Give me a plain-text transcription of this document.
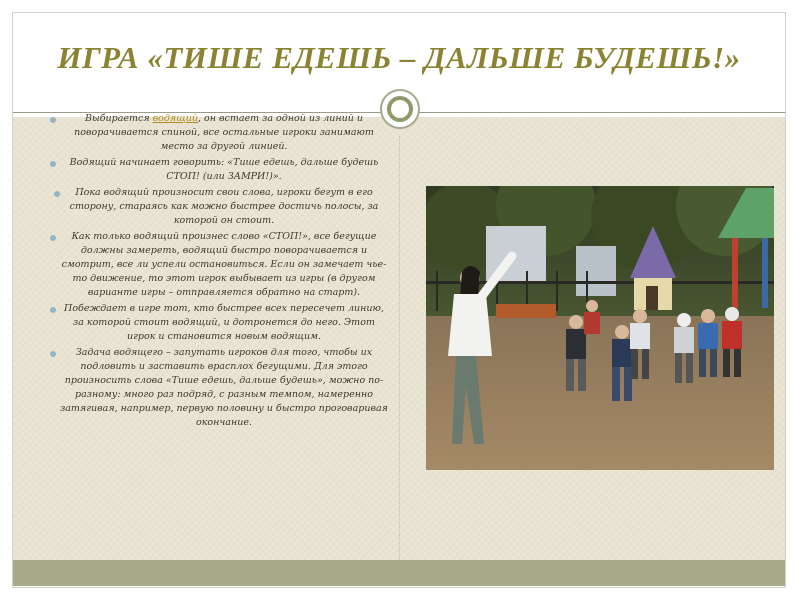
ИГРА «ТИШЕ ЕДЕШЬ – ДАЛЬШЕ БУДЕШЬ!»

Выбирается водящий, он встает за одной из линий и поворачивается спиной, все остальные игроки занимают место за другой линией.

Водящий начинает говорить: «Тише едешь, дальше будешь СТОП! (или ЗАМРИ!)».

Пока водящий произносит свои слова, игроки бегут в его сторону, стараясь как можно быстрее достичь полосы, за которой он стоит.

Как только водящий произнес слово «СТОП!», все бегущие должны замереть, водящий быстро поворачивается и смотрит, все ли успели остановиться. Если он замечает чье-то движение, то этот игрок выбывает из игры (в другом варианте игры – отправляется обратно на старт).

Побеждает в игре тот, кто быстрее всех пересечет линию, за которой стоит водящий, и дотронется до него. Этот игрок и становится новым водящим.

Задача водящего – запутать игроков для того, чтобы их подловить и заставить врасплох бегущими. Для этого произносить слова «Тише едешь, дальше будешь», можно по-разному: много раз подряд, с разным темпом, намеренно затягивая, например, первую половину и быстро проговаривая окончание.
